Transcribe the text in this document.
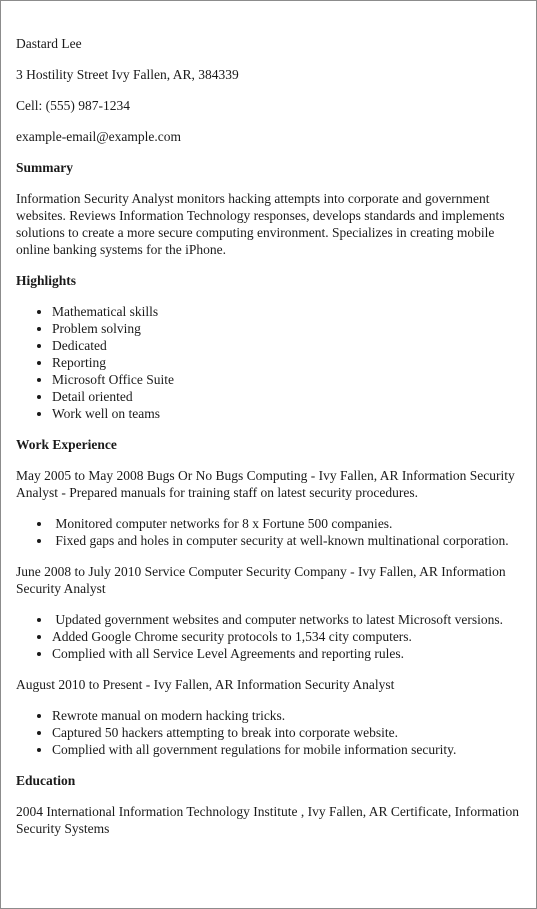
Dastard Lee

3 Hostility Street Ivy Fallen, AR, 384339

Cell: (555) 987-1234

example-email@example.com

Summary

Information Security Analyst monitors hacking attempts into corporate and government websites. Reviews Information Technology responses, develops standards and implements solutions to create a more secure computing environment. Specializes in creating mobile online banking systems for the iPhone.

Highlights
• Mathematical skills
• Problem solving
• Dedicated
• Reporting
• Microsoft Office Suite
• Detail oriented
• Work well on teams
Work Experience

May 2005 to May 2008 Bugs Or No Bugs Computing - Ivy Fallen, AR Information Security Analyst - Prepared manuals for training staff on latest security procedures.

•  Monitored computer networks for 8 x Fortune 500 companies.
•  Fixed gaps and holes in computer security at well-known multinational corporation.

June 2008 to July 2010 Service Computer Security Company - Ivy Fallen, AR Information Security Analyst

•  Updated government websites and computer networks to latest Microsoft versions.
• Added Google Chrome security protocols to 1,534 city computers.
• Complied with all Service Level Agreements and reporting rules.

August 2010 to Present - Ivy Fallen, AR Information Security Analyst

• Rewrote manual on modern hacking tricks.
• Captured 50 hackers attempting to break into corporate website.
• Complied with all government regulations for mobile information security.
Education

2004 International Information Technology Institute , Ivy Fallen, AR Certificate, Information Security Systems
